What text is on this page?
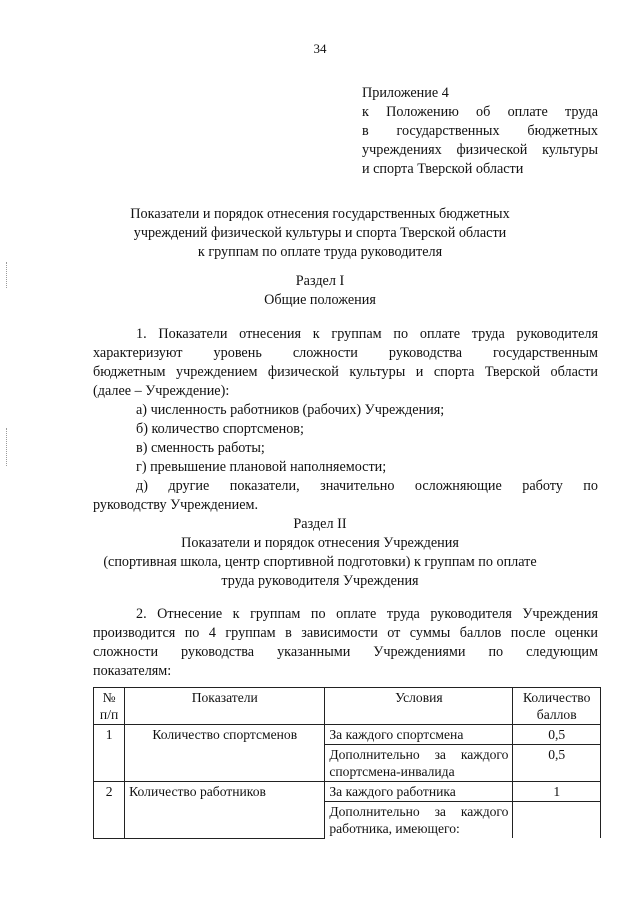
34
Приложение 4
к Положению об оплате труда
в государственных бюджетных
учреждениях физической культуры
и спорта Тверской области
Показатели и порядок отнесения государственных бюджетных
учреждений физической культуры и спорта Тверской области
к группам по оплате труда руководителя
Раздел I
Общие положения
1. Показатели отнесения к группам по оплате труда руководителя
характеризуют уровень сложности руководства государственным
бюджетным учреждением физической культуры и спорта Тверской области
(далее – Учреждение):
а) численность работников (рабочих) Учреждения;
б) количество спортсменов;
в) сменность работы;
г) превышение плановой наполняемости;
д) другие показатели, значительно осложняющие работу по
руководству Учреждением.
Раздел II
Показатели и порядок отнесения Учреждения
(спортивная школа, центр спортивной подготовки) к группам по оплате
труда руководителя Учреждения
2. Отнесение к группам по оплате труда руководителя Учреждения
производится по 4 группам в зависимости от суммы баллов после оценки
сложности руководства указанными Учреждениями по следующим
показателям:
№ п/п	Показатели	Условия	Количество баллов
1	Количество спортсменов	За каждого спортсмена	0,5
		Дополнительно за каждого спортсмена-инвалида	0,5
2	Количество работников	За каждого работника	1
		Дополнительно за каждого работника, имеющего:	
